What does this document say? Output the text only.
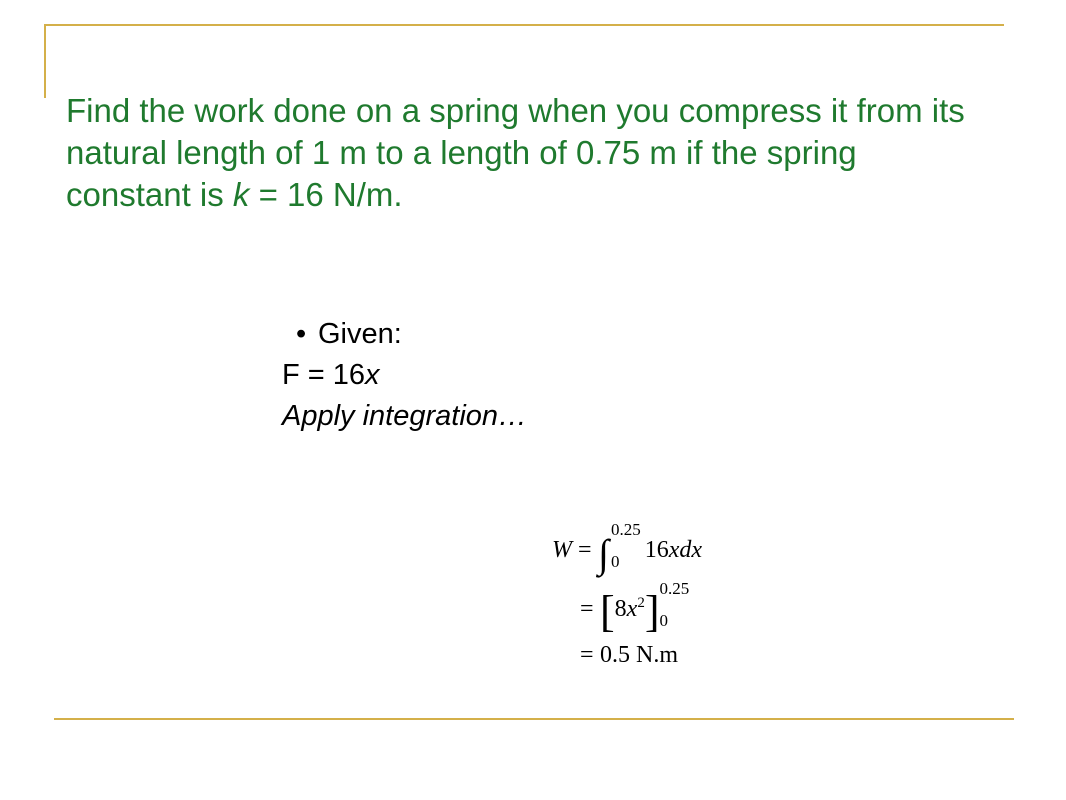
Find the work done on a spring when you compress it from its natural length of 1 m to a length of 0.75 m if the spring constant is k = 16 N/m.
• Given:
F = 16x
Apply integration…
W = ∫
0.25
0	16xdx
= $[8x^2]$ 0.25
0
= 0.5 N.m
